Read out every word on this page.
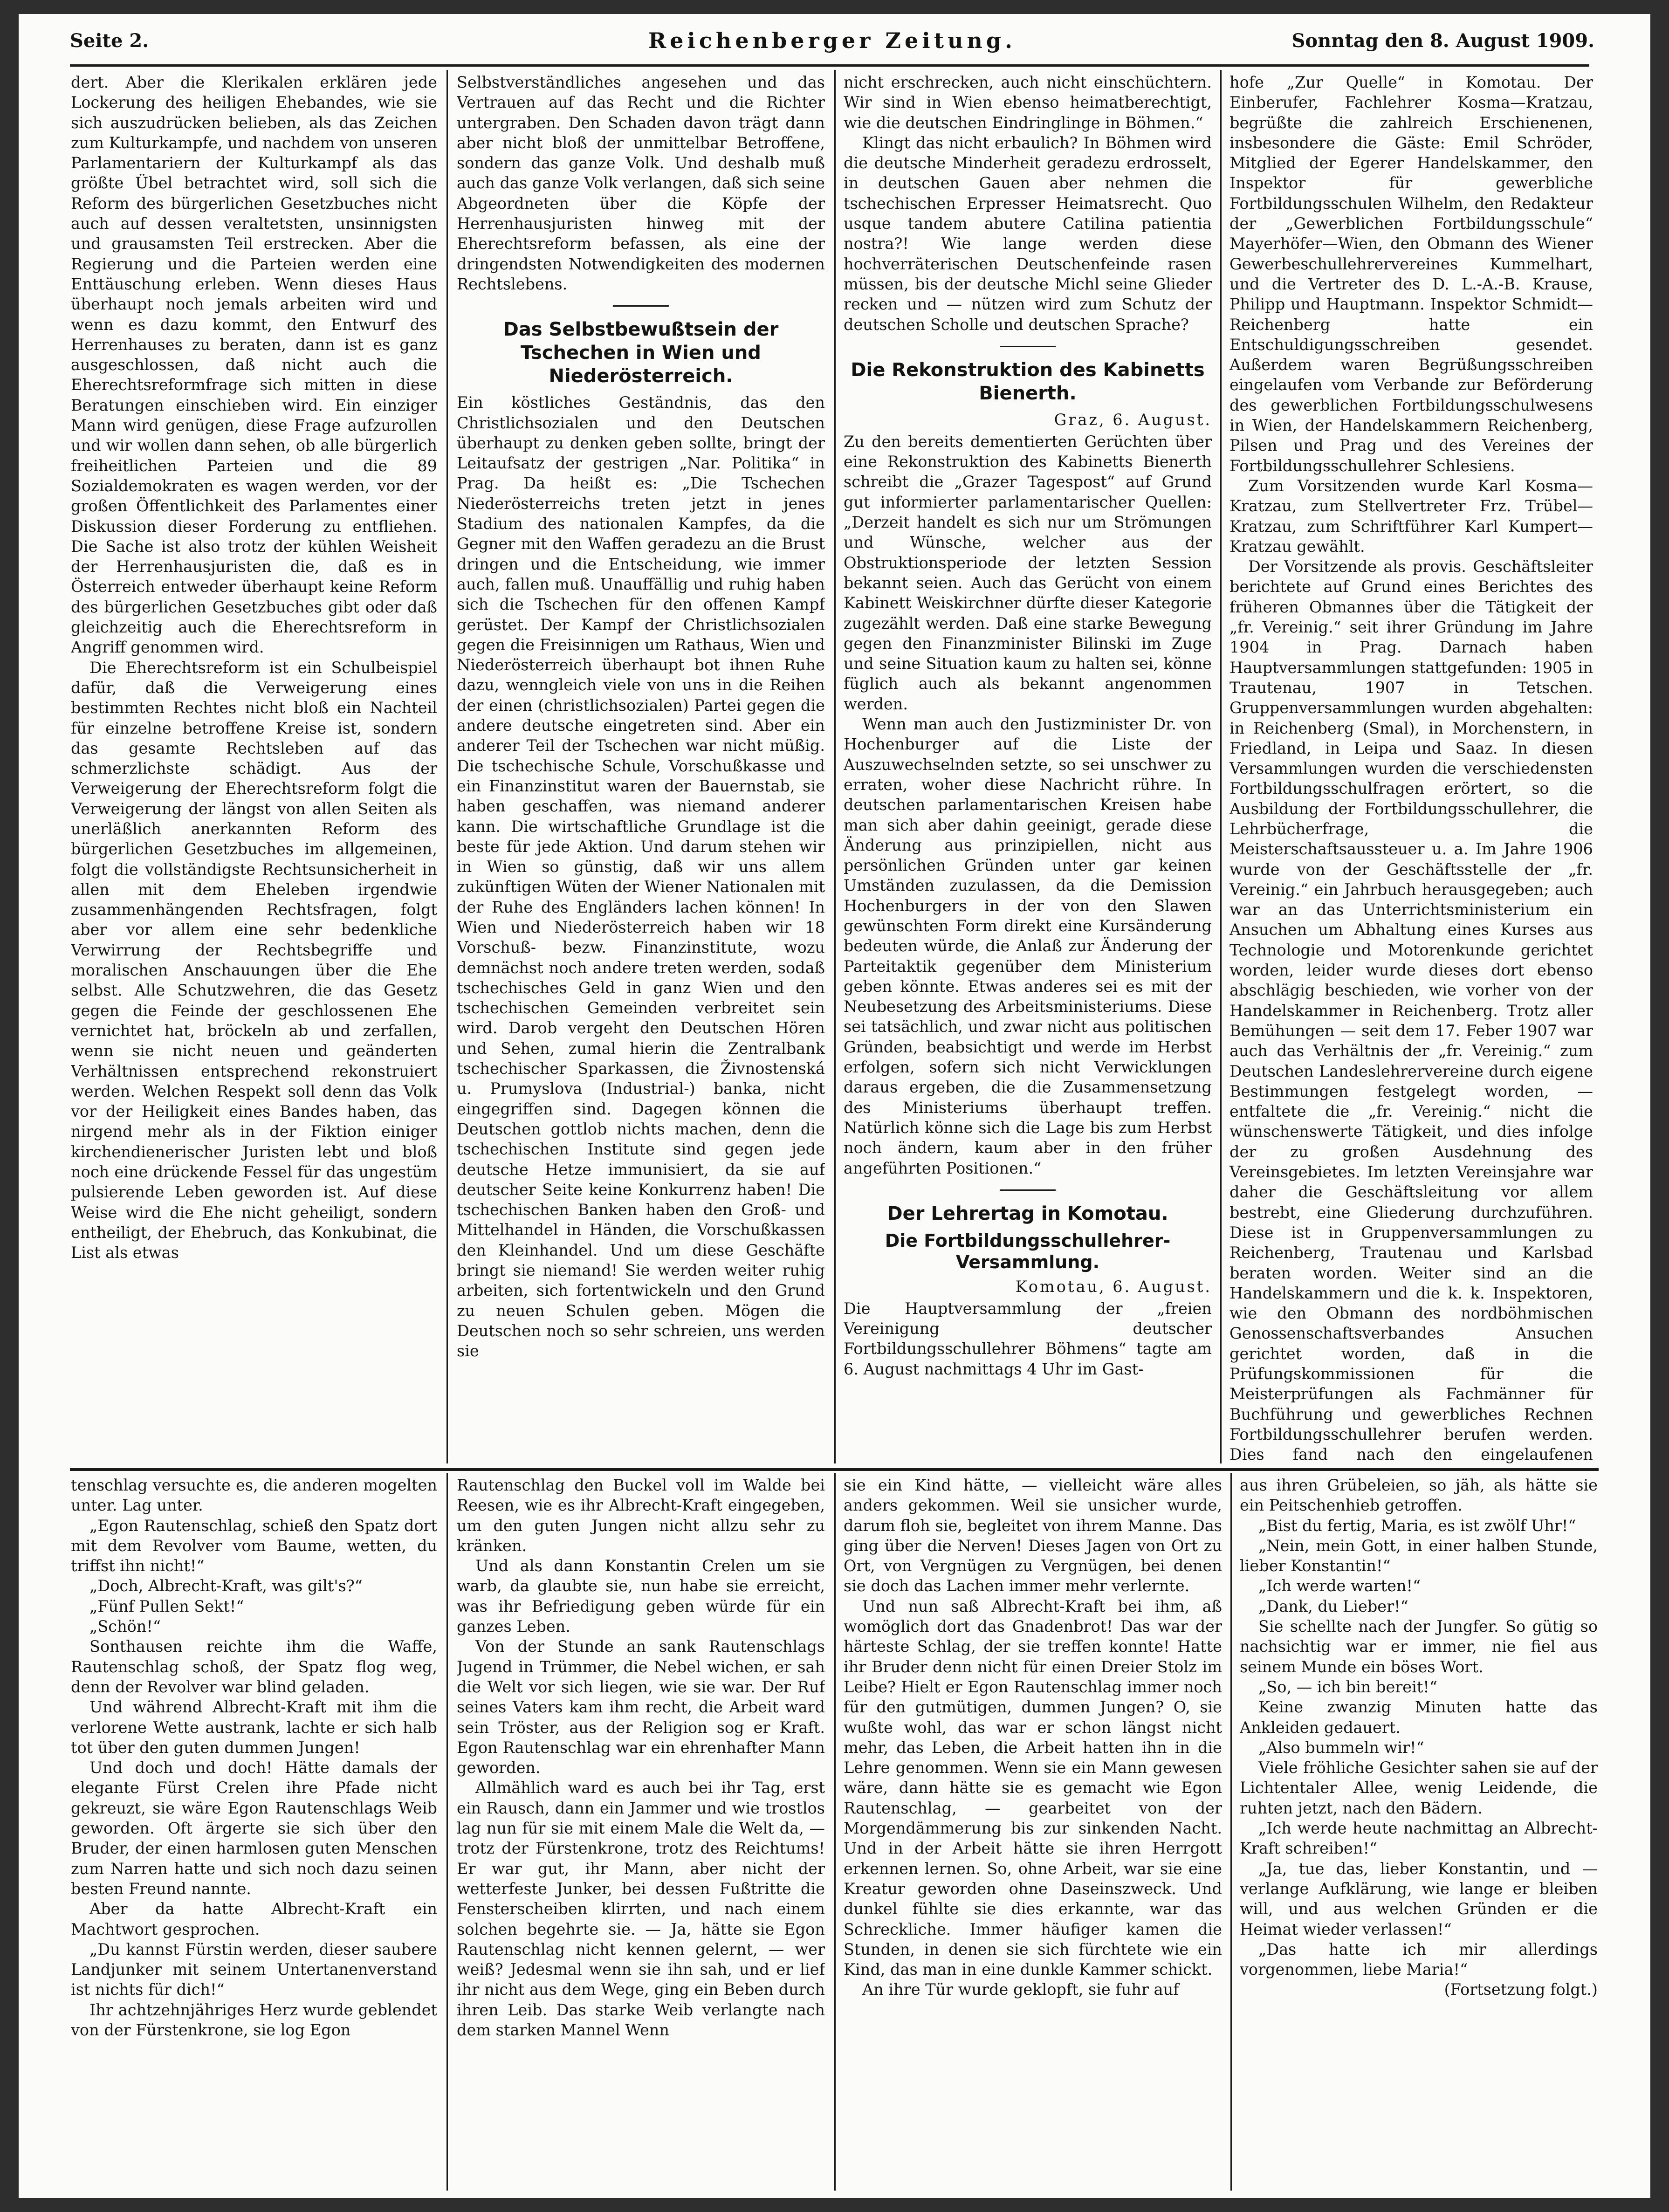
Seite 2.	Reichenberger Zeitung.	Sonntag den 8. August 1909.

dert. Aber die Klerikalen erklären jede Lockerung des heiligen Ehebandes, wie sie sich auszudrücken belieben, als das Zeichen zum Kulturkampfe, und nachdem von unseren Parlamentariern der Kulturkampf als das größte Übel betrachtet wird, soll sich die Reform des bürgerlichen Gesetzbuches nicht auch auf dessen veraltetsten, unsinnigsten und grausamsten Teil erstrecken. Aber die Regierung und die Parteien werden eine Enttäuschung erleben. Wenn dieses Haus überhaupt noch jemals arbeiten wird und wenn es dazu kommt, den Entwurf des Herrenhauses zu beraten, dann ist es ganz ausgeschlossen, daß nicht auch die Eherechtsreformfrage sich mitten in diese Beratungen einschieben wird. Ein einziger Mann wird genügen, diese Frage aufzurollen und wir wollen dann sehen, ob alle bürgerlich freiheitlichen Parteien und die 89 Sozialdemokraten es wagen werden, vor der großen Öffentlichkeit des Parlamentes einer Diskussion dieser Forderung zu entfliehen. Die Sache ist also trotz der kühlen Weisheit der Herrenhausjuristen die, daß es in Österreich entweder überhaupt keine Reform des bürgerlichen Gesetzbuches gibt oder daß gleichzeitig auch die Eherechtsreform in Angriff genommen wird.

Die Eherechtsreform ist ein Schulbeispiel dafür, daß die Verweigerung eines bestimmten Rechtes nicht bloß ein Nachteil für einzelne betroffene Kreise ist, sondern das gesamte Rechtsleben auf das schmerzlichste schädigt. Aus der Verweigerung der Eherechtsreform folgt die Verweigerung der längst von allen Seiten als unerläßlich anerkannten Reform des bürgerlichen Gesetzbuches im allgemeinen, folgt die vollständigste Rechtsunsicherheit in allen mit dem Eheleben irgendwie zusammenhängenden Rechtsfragen, folgt aber vor allem eine sehr bedenkliche Verwirrung der Rechtsbegriffe und moralischen Anschauungen über die Ehe selbst. Alle Schutzwehren, die das Gesetz gegen die Feinde der geschlossenen Ehe vernichtet hat, bröckeln ab und zerfallen, wenn sie nicht neuen und geänderten Verhältnissen entsprechend rekonstruiert werden. Welchen Respekt soll denn das Volk vor der Heiligkeit eines Bandes haben, das nirgend mehr als in der Fiktion einiger kirchendienerischer Juristen lebt und bloß noch eine drückende Fessel für das ungestüm pulsierende Leben geworden ist. Auf diese Weise wird die Ehe nicht geheiligt, sondern entheiligt, der Ehebruch, das Konkubinat, die List als etwas

Selbstverständliches angesehen und das Vertrauen auf das Recht und die Richter untergraben. Den Schaden davon trägt dann aber nicht bloß der unmittelbar Betroffene, sondern das ganze Volk. Und deshalb muß auch das ganze Volk verlangen, daß sich seine Abgeordneten über die Köpfe der Herrenhausjuristen hinweg mit der Eherechtsreform befassen, als eine der dringendsten Notwendigkeiten des modernen Rechtslebens.

Das Selbstbewußtsein der Tschechen in Wien und Niederösterreich.

Ein köstliches Geständnis, das den Christlichsozialen und den Deutschen überhaupt zu denken geben sollte, bringt der Leitaufsatz der gestrigen „Nar. Politika“ in Prag. Da heißt es: „Die Tschechen Niederösterreichs treten jetzt in jenes Stadium des nationalen Kampfes, da die Gegner mit den Waffen geradezu an die Brust dringen und die Entscheidung, wie immer auch, fallen muß. Unauffällig und ruhig haben sich die Tschechen für den offenen Kampf gerüstet. Der Kampf der Christlichsozialen gegen die Freisinnigen um Rathaus, Wien und Niederösterreich überhaupt bot ihnen Ruhe dazu, wenngleich viele von uns in die Reihen der einen (christlichsozialen) Partei gegen die andere deutsche eingetreten sind. Aber ein anderer Teil der Tschechen war nicht müßig. Die tschechische Schule, Vorschußkasse und ein Finanzinstitut waren der Bauernstab, sie haben geschaffen, was niemand anderer kann. Die wirtschaftliche Grundlage ist die beste für jede Aktion. Und darum stehen wir in Wien so günstig, daß wir uns allem zukünftigen Wüten der Wiener Nationalen mit der Ruhe des Engländers lachen können! In Wien und Niederösterreich haben wir 18 Vorschuß- bezw. Finanzinstitute, wozu demnächst noch andere treten werden, sodaß tschechisches Geld in ganz Wien und den tschechischen Gemeinden verbreitet sein wird. Darob vergeht den Deutschen Hören und Sehen, zumal hierin die Zentralbank tschechischer Sparkassen, die Živnostenská u. Prumyslova (Industrial-) banka, nicht eingegriffen sind. Dagegen können die Deutschen gottlob nichts machen, denn die tschechischen Institute sind gegen jede deutsche Hetze immunisiert, da sie auf deutscher Seite keine Konkurrenz haben! Die tschechischen Banken haben den Groß- und Mittelhandel in Händen, die Vorschußkassen den Kleinhandel. Und um diese Geschäfte bringt sie niemand! Sie werden weiter ruhig arbeiten, sich fortentwickeln und den Grund zu neuen Schulen geben. Mögen die Deutschen noch so sehr schreien, uns werden sie

nicht erschrecken, auch nicht einschüchtern. Wir sind in Wien ebenso heimatberechtigt, wie die deutschen Eindringlinge in Böhmen.“

Klingt das nicht erbaulich? In Böhmen wird die deutsche Minderheit geradezu erdrosselt, in deutschen Gauen aber nehmen die tschechischen Erpresser Heimatsrecht. Quo usque tandem abutere Catilina patientia nostra?! Wie lange werden diese hochverräterischen Deutschenfeinde rasen müssen, bis der deutsche Michl seine Glieder recken und — nützen wird zum Schutz der deutschen Scholle und deutschen Sprache?

Die Rekonstruktion des Kabinetts Bienerth.
Graz, 6. August.

Zu den bereits dementierten Gerüchten über eine Rekonstruktion des Kabinetts Bienerth schreibt die „Grazer Tagespost“ auf Grund gut informierter parlamentarischer Quellen: „Derzeit handelt es sich nur um Strömungen und Wünsche, welcher aus der Obstruktionsperiode der letzten Session bekannt seien. Auch das Gerücht von einem Kabinett Weiskirchner dürfte dieser Kategorie zugezählt werden. Daß eine starke Bewegung gegen den Finanzminister Bilinski im Zuge und seine Situation kaum zu halten sei, könne füglich auch als bekannt angenommen werden.

Wenn man auch den Justizminister Dr. von Hochenburger auf die Liste der Auszuwechselnden setzte, so sei unschwer zu erraten, woher diese Nachricht rühre. In deutschen parlamentarischen Kreisen habe man sich aber dahin geeinigt, gerade diese Änderung aus prinzipiellen, nicht aus persönlichen Gründen unter gar keinen Umständen zuzulassen, da die Demission Hochenburgers in der von den Slawen gewünschten Form direkt eine Kursänderung bedeuten würde, die Anlaß zur Änderung der Parteitaktik gegenüber dem Ministerium geben könnte. Etwas anderes sei es mit der Neubesetzung des Arbeitsministeriums. Diese sei tatsächlich, und zwar nicht aus politischen Gründen, beabsichtigt und werde im Herbst erfolgen, sofern sich nicht Verwicklungen daraus ergeben, die die Zusammensetzung des Ministeriums überhaupt treffen. Natürlich könne sich die Lage bis zum Herbst noch ändern, kaum aber in den früher angeführten Positionen.“

Der Lehrertag in Komotau.
Die Fortbildungsschullehrer-Versammlung.
Komotau, 6. August.

Die Hauptversammlung der „freien Vereinigung deutscher Fortbildungsschullehrer Böhmens“ tagte am 6. August nachmittags 4 Uhr im Gast-

hofe „Zur Quelle“ in Komotau. Der Einberufer, Fachlehrer Kosma—Kratzau, begrüßte die zahlreich Erschienenen, insbesondere die Gäste: Emil Schröder, Mitglied der Egerer Handelskammer, den Inspektor für gewerbliche Fortbildungsschulen Wilhelm, den Redakteur der „Gewerblichen Fortbildungsschule“ Mayerhöfer—Wien, den Obmann des Wiener Gewerbeschullehrervereines Kummelhart, und die Vertreter des D. L.-A.-B. Krause, Philipp und Hauptmann. Inspektor Schmidt—Reichenberg hatte ein Entschuldigungsschreiben gesendet. Außerdem waren Begrüßungsschreiben eingelaufen vom Verbande zur Beförderung des gewerblichen Fortbildungsschulwesens in Wien, der Handelskammern Reichenberg, Pilsen und Prag und des Vereines der Fortbildungsschullehrer Schlesiens.

Zum Vorsitzenden wurde Karl Kosma—Kratzau, zum Stellvertreter Frz. Trübel—Kratzau, zum Schriftführer Karl Kumpert—Kratzau gewählt.

Der Vorsitzende als provis. Geschäftsleiter berichtete auf Grund eines Berichtes des früheren Obmannes über die Tätigkeit der „fr. Vereinig.“ seit ihrer Gründung im Jahre 1904 in Prag. Darnach haben Hauptversammlungen stattgefunden: 1905 in Trautenau, 1907 in Tetschen. Gruppenversammlungen wurden abgehalten: in Reichenberg (Smal), in Morchenstern, in Friedland, in Leipa und Saaz. In diesen Versammlungen wurden die verschiedensten Fortbildungsschulfragen erörtert, so die Ausbildung der Fortbildungsschullehrer, die Lehrbücherfrage, die Meisterschaftsaussteuer u. a. Im Jahre 1906 wurde von der Geschäftsstelle der „fr. Vereinig.“ ein Jahrbuch herausgegeben; auch war an das Unterrichtsministerium ein Ansuchen um Abhaltung eines Kurses aus Technologie und Motorenkunde gerichtet worden, leider wurde dieses dort ebenso abschlägig beschieden, wie vorher von der Handelskammer in Reichenberg. Trotz aller Bemühungen — seit dem 17. Feber 1907 war auch das Verhältnis der „fr. Vereinig.“ zum Deutschen Landeslehrervereine durch eigene Bestimmungen festgelegt worden, — entfaltete die „fr. Vereinig.“ nicht die wünschenswerte Tätigkeit, und dies infolge der zu großen Ausdehnung des Vereinsgebietes. Im letzten Vereinsjahre war daher die Geschäftsleitung vor allem bestrebt, eine Gliederung durchzuführen. Diese ist in Gruppenversammlungen zu Reichenberg, Trautenau und Karlsbad beraten worden. Weiter sind an die Handelskammern und die k. k. Inspektoren, wie den Obmann des nordböhmischen Genossenschaftsverbandes Ansuchen gerichtet worden, daß in die Prüfungskommissionen für die Meisterprüfungen als Fachmänner für Buchführung und gewerbliches Rechnen Fortbildungsschullehrer berufen werden. Dies fand nach den eingelaufenen

tenschlag versuchte es, die anderen mogelten unter. Lag unter.

„Egon Rautenschlag, schieß den Spatz dort mit dem Revolver vom Baume, wetten, du triffst ihn nicht!“

„Doch, Albrecht-Kraft, was gilt's?“

„Fünf Pullen Sekt!“

„Schön!“

Sonthausen reichte ihm die Waffe, Rautenschlag schoß, der Spatz flog weg, denn der Revolver war blind geladen.

Und während Albrecht-Kraft mit ihm die verlorene Wette austrank, lachte er sich halb tot über den guten dummen Jungen!

Und doch und doch! Hätte damals der elegante Fürst Crelen ihre Pfade nicht gekreuzt, sie wäre Egon Rautenschlags Weib geworden. Oft ärgerte sie sich über den Bruder, der einen harmlosen guten Menschen zum Narren hatte und sich noch dazu seinen besten Freund nannte.

Aber da hatte Albrecht-Kraft ein Machtwort gesprochen.

„Du kannst Fürstin werden, dieser saubere Landjunker mit seinem Untertanenverstand ist nichts für dich!“

Ihr achtzehnjähriges Herz wurde geblendet von der Fürstenkrone, sie log Egon

Rautenschlag den Buckel voll im Walde bei Reesen, wie es ihr Albrecht-Kraft eingegeben, um den guten Jungen nicht allzu sehr zu kränken.

Und als dann Konstantin Crelen um sie warb, da glaubte sie, nun habe sie erreicht, was ihr Befriedigung geben würde für ein ganzes Leben.

Von der Stunde an sank Rautenschlags Jugend in Trümmer, die Nebel wichen, er sah die Welt vor sich liegen, wie sie war. Der Ruf seines Vaters kam ihm recht, die Arbeit ward sein Tröster, aus der Religion sog er Kraft. Egon Rautenschlag war ein ehrenhafter Mann geworden.

Allmählich ward es auch bei ihr Tag, erst ein Rausch, dann ein Jammer und wie trostlos lag nun für sie mit einem Male die Welt da, — trotz der Fürstenkrone, trotz des Reichtums! Er war gut, ihr Mann, aber nicht der wetterfeste Junker, bei dessen Fußtritte die Fensterscheiben klirrten, und nach einem solchen begehrte sie. — Ja, hätte sie Egon Rautenschlag nicht kennen gelernt, — wer weiß? Jedesmal wenn sie ihn sah, und er lief ihr nicht aus dem Wege, ging ein Beben durch ihren Leib. Das starke Weib verlangte nach dem starken Mannel Wenn

sie ein Kind hätte, — vielleicht wäre alles anders gekommen. Weil sie unsicher wurde, darum floh sie, begleitet von ihrem Manne. Das ging über die Nerven! Dieses Jagen von Ort zu Ort, von Vergnügen zu Vergnügen, bei denen sie doch das Lachen immer mehr verlernte.

Und nun saß Albrecht-Kraft bei ihm, aß womöglich dort das Gnadenbrot! Das war der härteste Schlag, der sie treffen konnte! Hatte ihr Bruder denn nicht für einen Dreier Stolz im Leibe? Hielt er Egon Rautenschlag immer noch für den gutmütigen, dummen Jungen? O, sie wußte wohl, das war er schon längst nicht mehr, das Leben, die Arbeit hatten ihn in die Lehre genommen. Wenn sie ein Mann gewesen wäre, dann hätte sie es gemacht wie Egon Rautenschlag, — gearbeitet von der Morgendämmerung bis zur sinkenden Nacht. Und in der Arbeit hätte sie ihren Herrgott erkennen lernen. So, ohne Arbeit, war sie eine Kreatur geworden ohne Daseinszweck. Und dunkel fühlte sie dies erkannte, war das Schreckliche. Immer häufiger kamen die Stunden, in denen sie sich fürchtete wie ein Kind, das man in eine dunkle Kammer schickt.

An ihre Tür wurde geklopft, sie fuhr auf

aus ihren Grübeleien, so jäh, als hätte sie ein Peitschenhieb getroffen.

„Bist du fertig, Maria, es ist zwölf Uhr!“

„Nein, mein Gott, in einer halben Stunde, lieber Konstantin!“

„Ich werde warten!“

„Dank, du Lieber!“

Sie schellte nach der Jungfer. So gütig so nachsichtig war er immer, nie fiel aus seinem Munde ein böses Wort.

„So, — ich bin bereit!“

Keine zwanzig Minuten hatte das Ankleiden gedauert.

„Also bummeln wir!“

Viele fröhliche Gesichter sahen sie auf der Lichtentaler Allee, wenig Leidende, die ruhten jetzt, nach den Bädern.

„Ich werde heute nachmittag an Albrecht-Kraft schreiben!“

„Ja, tue das, lieber Konstantin, und — verlange Aufklärung, wie lange er bleiben will, und aus welchen Gründen er die Heimat wieder verlassen!“

„Das hatte ich mir allerdings vorgenommen, liebe Maria!“

(Fortsetzung folgt.)
